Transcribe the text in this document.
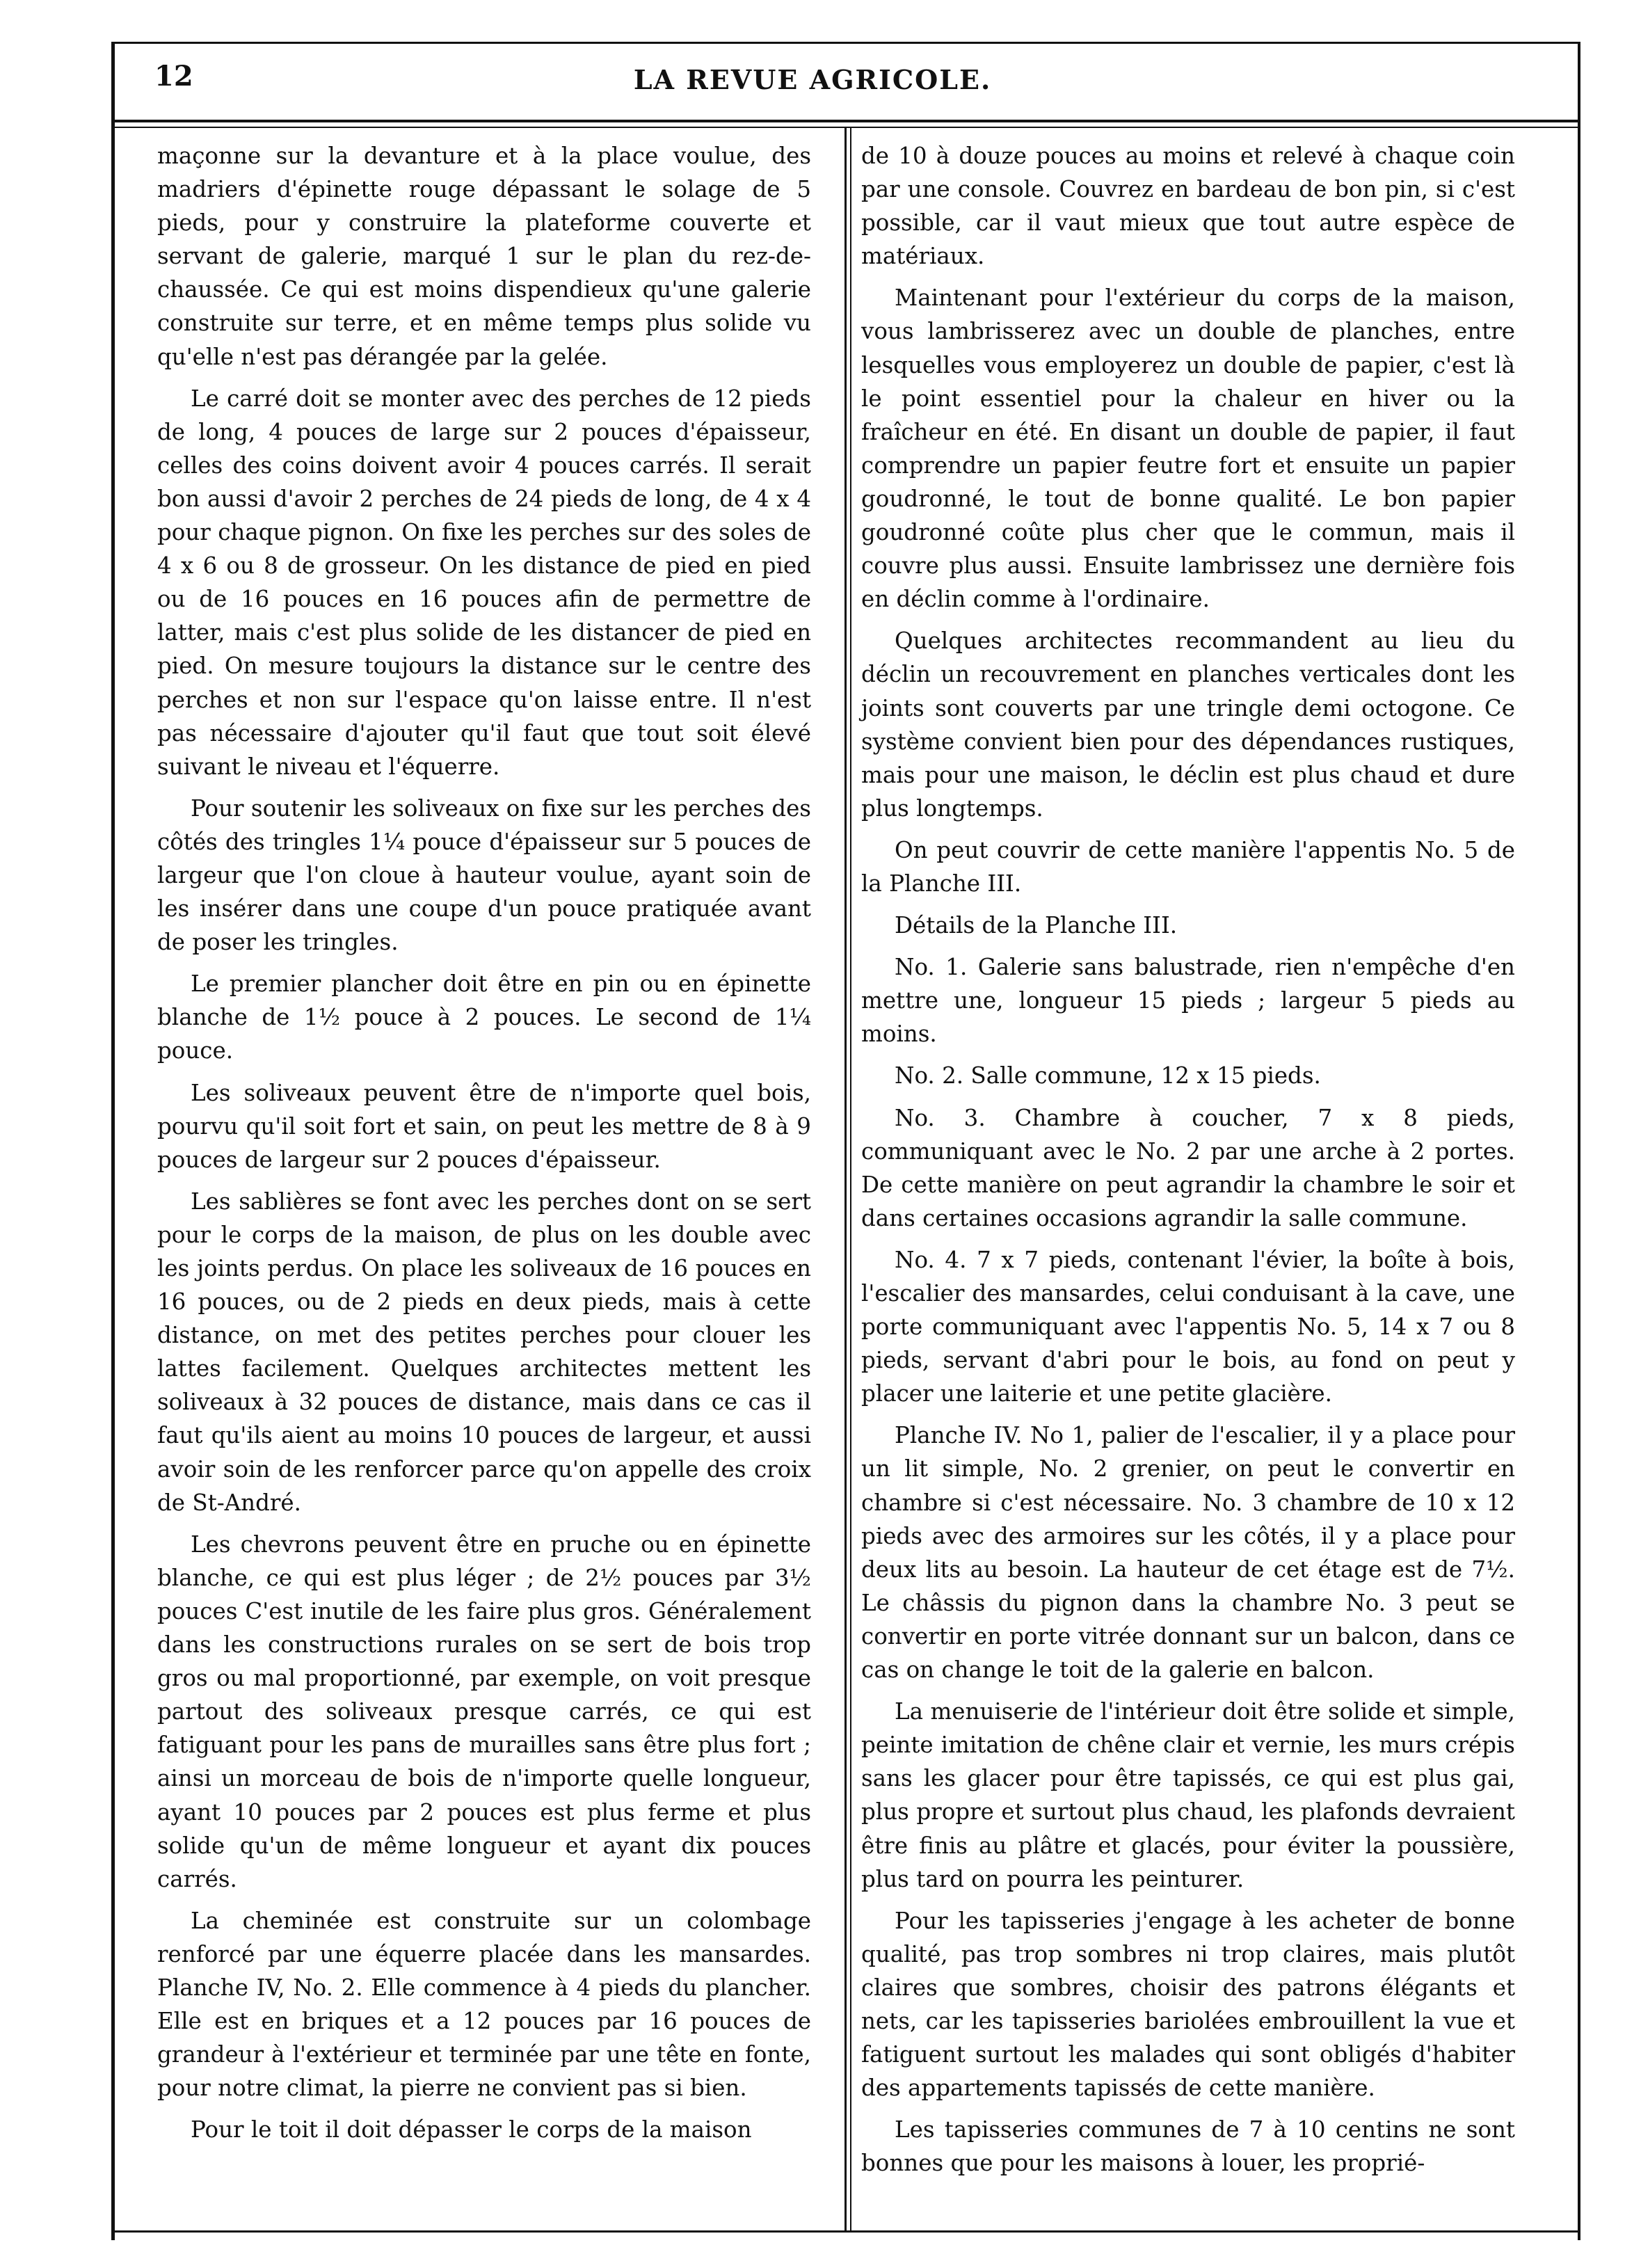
12	LA REVUE AGRICOLE.

maçonne sur la devanture et à la place voulue, des madriers d'épinette rouge dépassant le solage de 5 pieds, pour y construire la plateforme couverte et servant de galerie, marqué 1 sur le plan du rez-de-chaussée. Ce qui est moins dispendieux qu'une galerie construite sur terre, et en même temps plus solide vu qu'elle n'est pas dérangée par la gelée.

Le carré doit se monter avec des perches de 12 pieds de long, 4 pouces de large sur 2 pouces d'épaisseur, celles des coins doivent avoir 4 pouces carrés. Il serait bon aussi d'avoir 2 perches de 24 pieds de long, de 4 x 4 pour chaque pignon. On fixe les perches sur des soles de 4 x 6 ou 8 de grosseur. On les distance de pied en pied ou de 16 pouces en 16 pouces afin de permettre de latter, mais c'est plus solide de les distancer de pied en pied. On mesure toujours la distance sur le centre des perches et non sur l'espace qu'on laisse entre. Il n'est pas nécessaire d'ajouter qu'il faut que tout soit élevé suivant le niveau et l'équerre.

Pour soutenir les soliveaux on fixe sur les perches des côtés des tringles 1¼ pouce d'épaisseur sur 5 pouces de largeur que l'on cloue à hauteur voulue, ayant soin de les insérer dans une coupe d'un pouce pratiquée avant de poser les tringles.

Le premier plancher doit être en pin ou en épinette blanche de 1½ pouce à 2 pouces. Le second de 1¼ pouce.

Les soliveaux peuvent être de n'importe quel bois, pourvu qu'il soit fort et sain, on peut les mettre de 8 à 9 pouces de largeur sur 2 pouces d'épaisseur.

Les sablières se font avec les perches dont on se sert pour le corps de la maison, de plus on les double avec les joints perdus. On place les soliveaux de 16 pouces en 16 pouces, ou de 2 pieds en deux pieds, mais à cette distance, on met des petites perches pour clouer les lattes facilement. Quelques architectes mettent les soliveaux à 32 pouces de distance, mais dans ce cas il faut qu'ils aient au moins 10 pouces de largeur, et aussi avoir soin de les renforcer parce qu'on appelle des croix de St-André.

Les chevrons peuvent être en pruche ou en épinette blanche, ce qui est plus léger ; de 2½ pouces par 3½ pouces C'est inutile de les faire plus gros. Généralement dans les constructions rurales on se sert de bois trop gros ou mal proportionné, par exemple, on voit presque partout des soliveaux presque carrés, ce qui est fatiguant pour les pans de murailles sans être plus fort ; ainsi un morceau de bois de n'importe quelle longueur, ayant 10 pouces par 2 pouces est plus ferme et plus solide qu'un de même longueur et ayant dix pouces carrés.

La cheminée est construite sur un colombage renforcé par une équerre placée dans les mansardes. Planche IV, No. 2. Elle commence à 4 pieds du plancher. Elle est en briques et a 12 pouces par 16 pouces de grandeur à l'extérieur et terminée par une tête en fonte, pour notre climat, la pierre ne convient pas si bien.

Pour le toit il doit dépasser le corps de la maison

de 10 à douze pouces au moins et relevé à chaque coin par une console. Couvrez en bardeau de bon pin, si c'est possible, car il vaut mieux que tout autre espèce de matériaux.

Maintenant pour l'extérieur du corps de la maison, vous lambrisserez avec un double de planches, entre lesquelles vous employerez un double de papier, c'est là le point essentiel pour la chaleur en hiver ou la fraîcheur en été. En disant un double de papier, il faut comprendre un papier feutre fort et ensuite un papier goudronné, le tout de bonne qualité. Le bon papier goudronné coûte plus cher que le commun, mais il couvre plus aussi. Ensuite lambrissez une dernière fois en déclin comme à l'ordinaire.

Quelques architectes recommandent au lieu du déclin un recouvrement en planches verticales dont les joints sont couverts par une tringle demi octogone. Ce système convient bien pour des dépendances rustiques, mais pour une maison, le déclin est plus chaud et dure plus longtemps.

On peut couvrir de cette manière l'appentis No. 5 de la Planche III.

Détails de la Planche III.

No. 1. Galerie sans balustrade, rien n'empêche d'en mettre une, longueur 15 pieds ; largeur 5 pieds au moins.

No. 2. Salle commune, 12 x 15 pieds.

No. 3. Chambre à coucher, 7 x 8 pieds, communiquant avec le No. 2 par une arche à 2 portes. De cette manière on peut agrandir la chambre le soir et dans certaines occasions agrandir la salle commune.

No. 4. 7 x 7 pieds, contenant l'évier, la boîte à bois, l'escalier des mansardes, celui conduisant à la cave, une porte communiquant avec l'appentis No. 5, 14 x 7 ou 8 pieds, servant d'abri pour le bois, au fond on peut y placer une laiterie et une petite glacière.

Planche IV. No 1, palier de l'escalier, il y a place pour un lit simple, No. 2 grenier, on peut le convertir en chambre si c'est nécessaire. No. 3 chambre de 10 x 12 pieds avec des armoires sur les côtés, il y a place pour deux lits au besoin. La hauteur de cet étage est de 7½. Le châssis du pignon dans la chambre No. 3 peut se convertir en porte vitrée donnant sur un balcon, dans ce cas on change le toit de la galerie en balcon.

La menuiserie de l'intérieur doit être solide et simple, peinte imitation de chêne clair et vernie, les murs crépis sans les glacer pour être tapissés, ce qui est plus gai, plus propre et surtout plus chaud, les plafonds devraient être finis au plâtre et glacés, pour éviter la poussière, plus tard on pourra les peinturer.

Pour les tapisseries j'engage à les acheter de bonne qualité, pas trop sombres ni trop claires, mais plutôt claires que sombres, choisir des patrons élégants et nets, car les tapisseries bariolées embrouillent la vue et fatiguent surtout les malades qui sont obligés d'habiter des appartements tapissés de cette manière.

Les tapisseries communes de 7 à 10 centins ne sont bonnes que pour les maisons à louer, les proprié-
